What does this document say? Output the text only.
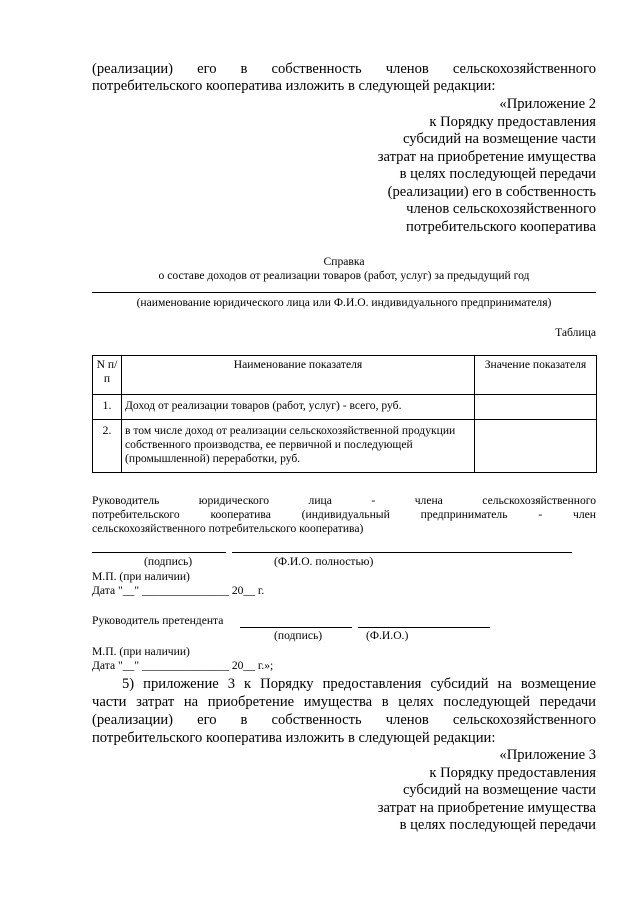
(реализации) его в собственность членов сельскохозяйственного
потребительского кооператива изложить в следующей редакции:
«Приложение 2
к Порядку предоставления
субсидий на возмещение части
затрат на приобретение имущества
в целях последующей передачи
(реализации) его в собственность
членов сельскохозяйственного
потребительского кооператива
Справка
о составе доходов от реализации товаров (работ, услуг) за предыдущий год
(наименование юридического лица или Ф.И.О. индивидуального предпринимателя)
Таблица
N п/п	Наименование показателя	Значение показателя
1.	Доход от реализации товаров (работ, услуг) - всего, руб.	
2.	в том числе доход от реализации сельскохозяйственной продукции собственного производства, ее первичной и последующей (промышленной) переработки, руб.	
Руководитель юридического лица - члена сельскохозяйственного
потребительского кооператива (индивидуальный предприниматель - член
сельскохозяйственного потребительского кооператива)
(подпись)	(Ф.И.О. полностью)
М.П. (при наличии)
Дата "__" _______________ 20__ г.
Руководитель претендента
(подпись)	(Ф.И.О.)
М.П. (при наличии)
Дата "__" _______________ 20__ г.»;
5) приложение 3 к Порядку предоставления субсидий на возмещение
части затрат на приобретение имущества в целях последующей передачи
(реализации) его в собственность членов сельскохозяйственного
потребительского кооператива изложить в следующей редакции:
«Приложение 3
к Порядку предоставления
субсидий на возмещение части
затрат на приобретение имущества
в целях последующей передачи
